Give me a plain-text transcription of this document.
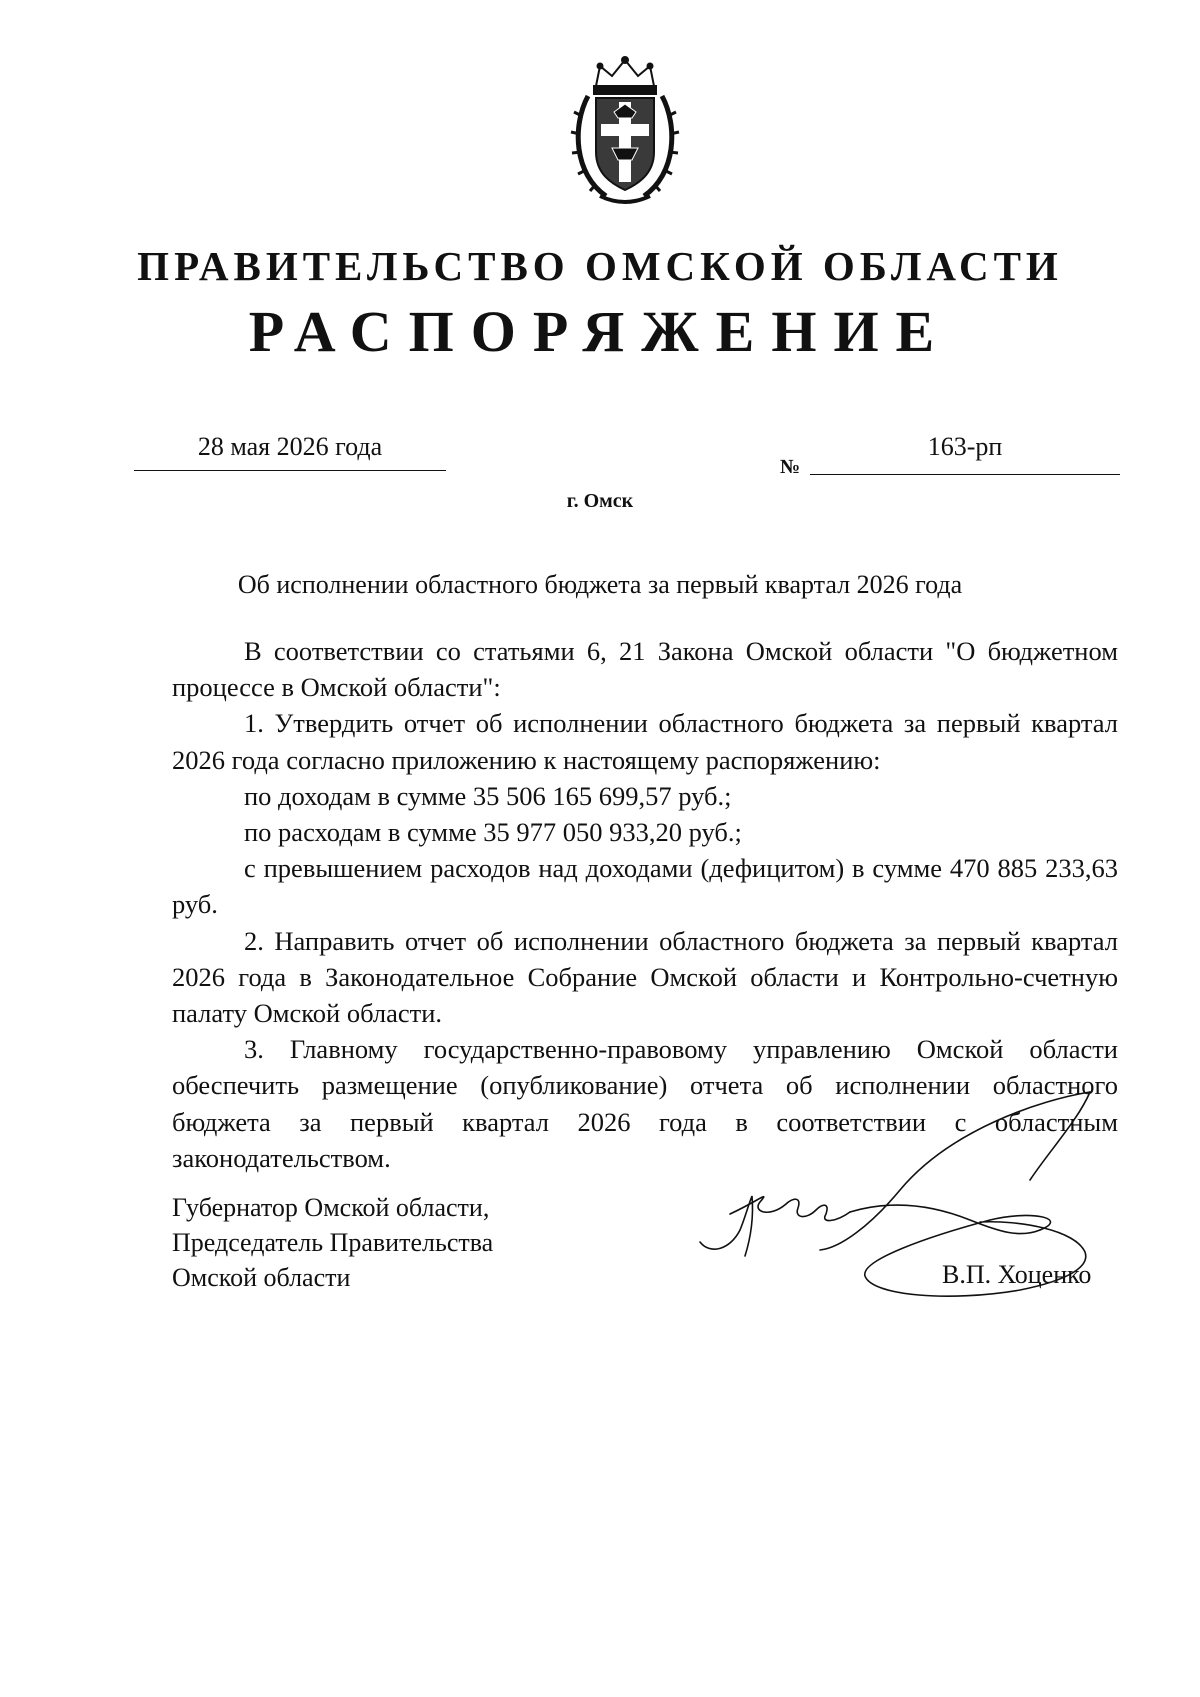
ПРАВИТЕЛЬСТВО ОМСКОЙ ОБЛАСТИ
РАСПОРЯЖЕНИЕ
28 мая 2026 года
№
163-рп
г. Омск
Об исполнении областного бюджета за первый квартал 2026 года

В соответствии со статьями 6, 21 Закона Омской области "О бюджетном процессе в Омской области":

1. Утвердить отчет об исполнении областного бюджета за первый квартал 2026 года согласно приложению к настоящему распоряжению:

по доходам в сумме 35 506 165 699,57 руб.;

по расходам в сумме 35 977 050 933,20 руб.;

с превышением расходов над доходами (дефицитом) в сумме 470 885 233,63 руб.

2. Направить отчет об исполнении областного бюджета за первый квартал 2026 года в Законодательное Собрание Омской области и Контрольно-счетную палату Омской области.

3. Главному государственно-правовому управлению Омской области обеспечить размещение (опубликование) отчета об исполнении областного бюджета за первый квартал 2026 года в соответствии с областным законодательством.

Губернатор Омской области,
Председатель Правительства
Омской области	В.П. Хоценко
